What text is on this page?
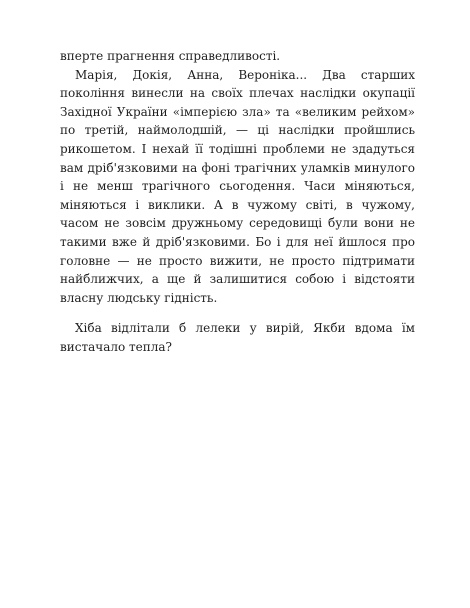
вперте прагнення справедливості.

Марія, Докія, Анна, Вероніка... Два старших покоління винесли на своїх плечах наслідки окупації Західної України «імперією зла» та «великим рейхом» по третій, наймолодшій, — ці наслідки пройшлись рикошетом. І нехай її тодішні проблеми не здадуться вам дріб'язковими на фоні трагічних уламків минулого і не менш трагічного сьогодення. Часи міняються, міняються і виклики. А в чужому світі, в чужому, часом не зовсім дружньому середовищі були вони не такими вже й дріб'язковими. Бо і для неї йшлося про головне — не просто вижити, не просто підтримати найближчих, а ще й залишитися собою і відстояти власну людську гідність.

Хіба відлітали б лелеки у вирій, Якби вдома їм вистачало тепла?
